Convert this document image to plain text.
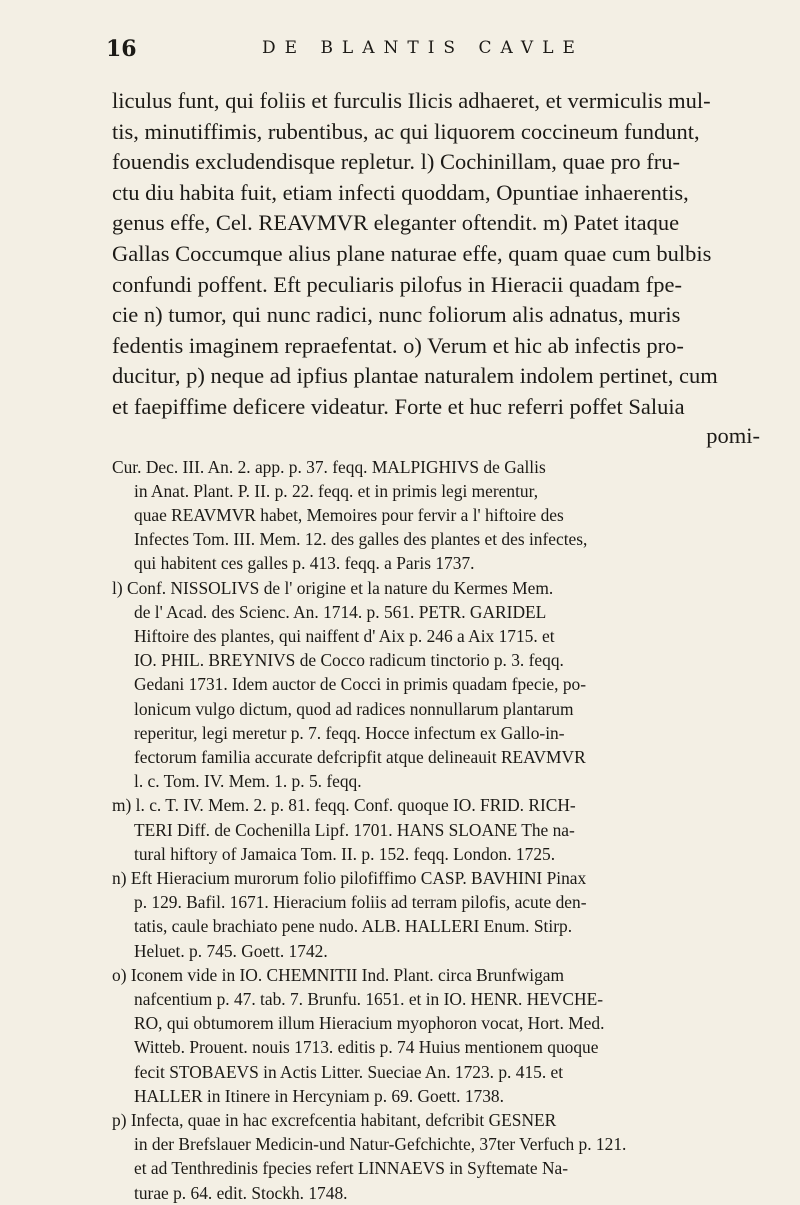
16	DE BLANTIS CAVLE
liculus funt, qui foliis et furculis Ilicis adhaeret, et vermiculis mul-
tis, minutiffimis, rubentibus, ac qui liquorem coccineum fundunt,
fouendis excludendisque repletur. l) Cochinillam, quae pro fru-
ctu diu habita fuit, etiam infecti quoddam, Opuntiae inhaerentis,
genus effe, Cel. REAVMVR eleganter oftendit. m) Patet itaque
Gallas Coccumque alius plane naturae effe, quam quae cum bulbis
confundi poffent. Eft peculiaris pilofus in Hieracii quadam fpe-
cie n) tumor, qui nunc radici, nunc foliorum alis adnatus, muris
fedentis imaginem repraefentat. o) Verum et hic ab infectis pro-
ducitur, p) neque ad ipfius plantae naturalem indolem pertinet, cum
et faepiffime deficere videatur. Forte et huc referri poffet Saluia
pomi-
Cur. Dec. III. An. 2. app. p. 37. feqq. MALPIGHIVS de Gallis
in Anat. Plant. P. II. p. 22. feqq. et in primis legi merentur,
quae REAVMVR habet, Memoires pour fervir a l' hiftoire des
Infectes Tom. III. Mem. 12. des galles des plantes et des infectes,
qui habitent ces galles p. 413. feqq. a Paris 1737.
l) Conf. NISSOLIVS de l' origine et la nature du Kermes Mem.
de l' Acad. des Scienc. An. 1714. p. 561. PETR. GARIDEL
Hiftoire des plantes, qui naiffent d' Aix p. 246 a Aix 1715. et
IO. PHIL. BREYNIVS de Cocco radicum tinctorio p. 3. feqq.
Gedani 1731. Idem auctor de Cocci in primis quadam fpecie, po-
lonicum vulgo dictum, quod ad radices nonnullarum plantarum
reperitur, legi meretur p. 7. feqq. Hocce infectum ex Gallo-in-
fectorum familia accurate defcripfit atque delineauit REAVMVR
l. c. Tom. IV. Mem. 1. p. 5. feqq.
m) l. c. T. IV. Mem. 2. p. 81. feqq. Conf. quoque IO. FRID. RICH-
TERI Diff. de Cochenilla Lipf. 1701. HANS SLOANE The na-
tural hiftory of Jamaica Tom. II. p. 152. feqq. London. 1725.
n) Eft Hieracium murorum folio pilofiffimo CASP. BAVHINI Pinax
p. 129. Bafil. 1671. Hieracium foliis ad terram pilofis, acute den-
tatis, caule brachiato pene nudo. ALB. HALLERI Enum. Stirp.
Heluet. p. 745. Goett. 1742.
o) Iconem vide in IO. CHEMNITII Ind. Plant. circa Brunfwigam
nafcentium p. 47. tab. 7. Brunfu. 1651. et in IO. HENR. HEVCHE-
RO, qui obtumorem illum Hieracium myophoron vocat, Hort. Med.
Witteb. Prouent. nouis 1713. editis p. 74 Huius mentionem quoque
fecit STOBAEVS in Actis Litter. Sueciae An. 1723. p. 415. et
HALLER in Itinere in Hercyniam p. 69. Goett. 1738.
p) Infecta, quae in hac excrefcentia habitant, defcribit GESNER
in der Brefslauer Medicin-und Natur-Gefchichte, 37ter Verfuch p. 121.
et ad Tenthredinis fpecies refert LINNAEVS in Syftemate Na-
turae p. 64. edit. Stockh. 1748.
